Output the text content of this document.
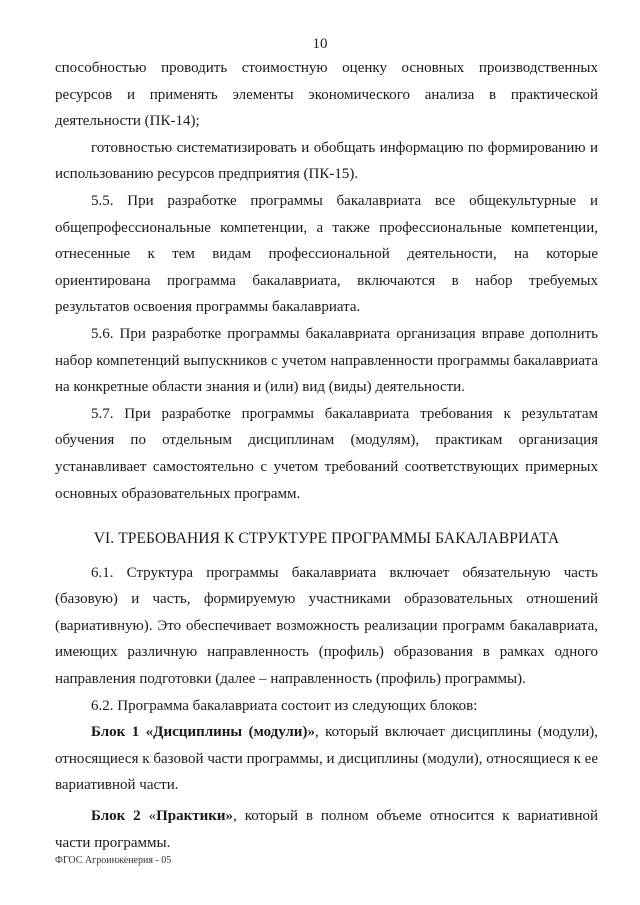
10

способностью проводить стоимостную оценку основных производственных ресурсов и применять элементы экономического анализа в практической деятельности (ПК-14);

готовностью систематизировать и обобщать информацию по формированию и использованию ресурсов предприятия (ПК-15).

5.5. При разработке программы бакалавриата все общекультурные и общепрофессиональные компетенции, а также профессиональные компетенции, отнесенные к тем видам профессиональной деятельности, на которые ориентирована программа бакалавриата, включаются в набор требуемых результатов освоения программы бакалавриата.

5.6. При разработке программы бакалавриата организация вправе дополнить набор компетенций выпускников с учетом направленности программы бакалавриата на конкретные области знания и (или) вид (виды) деятельности.

5.7. При разработке программы бакалавриата требования к результатам обучения по отдельным дисциплинам (модулям), практикам организация устанавливает самостоятельно с учетом требований соответствующих примерных основных образовательных программ.

VI. ТРЕБОВАНИЯ К СТРУКТУРЕ ПРОГРАММЫ БАКАЛАВРИАТА

6.1. Структура программы бакалавриата включает обязательную часть (базовую) и часть, формируемую участниками образовательных отношений (вариативную). Это обеспечивает возможность реализации программ бакалавриата, имеющих различную направленность (профиль) образования в рамках одного направления подготовки (далее – направленность (профиль) программы).

6.2. Программа бакалавриата состоит из следующих блоков:

Блок 1 «Дисциплины (модули)», который включает дисциплины (модули), относящиеся к базовой части программы, и дисциплины (модули), относящиеся к ее вариативной части.

Блок 2 «Практики», который в полном объеме относится к вариативной части программы.

ФГОС Агроинженерия - 05
